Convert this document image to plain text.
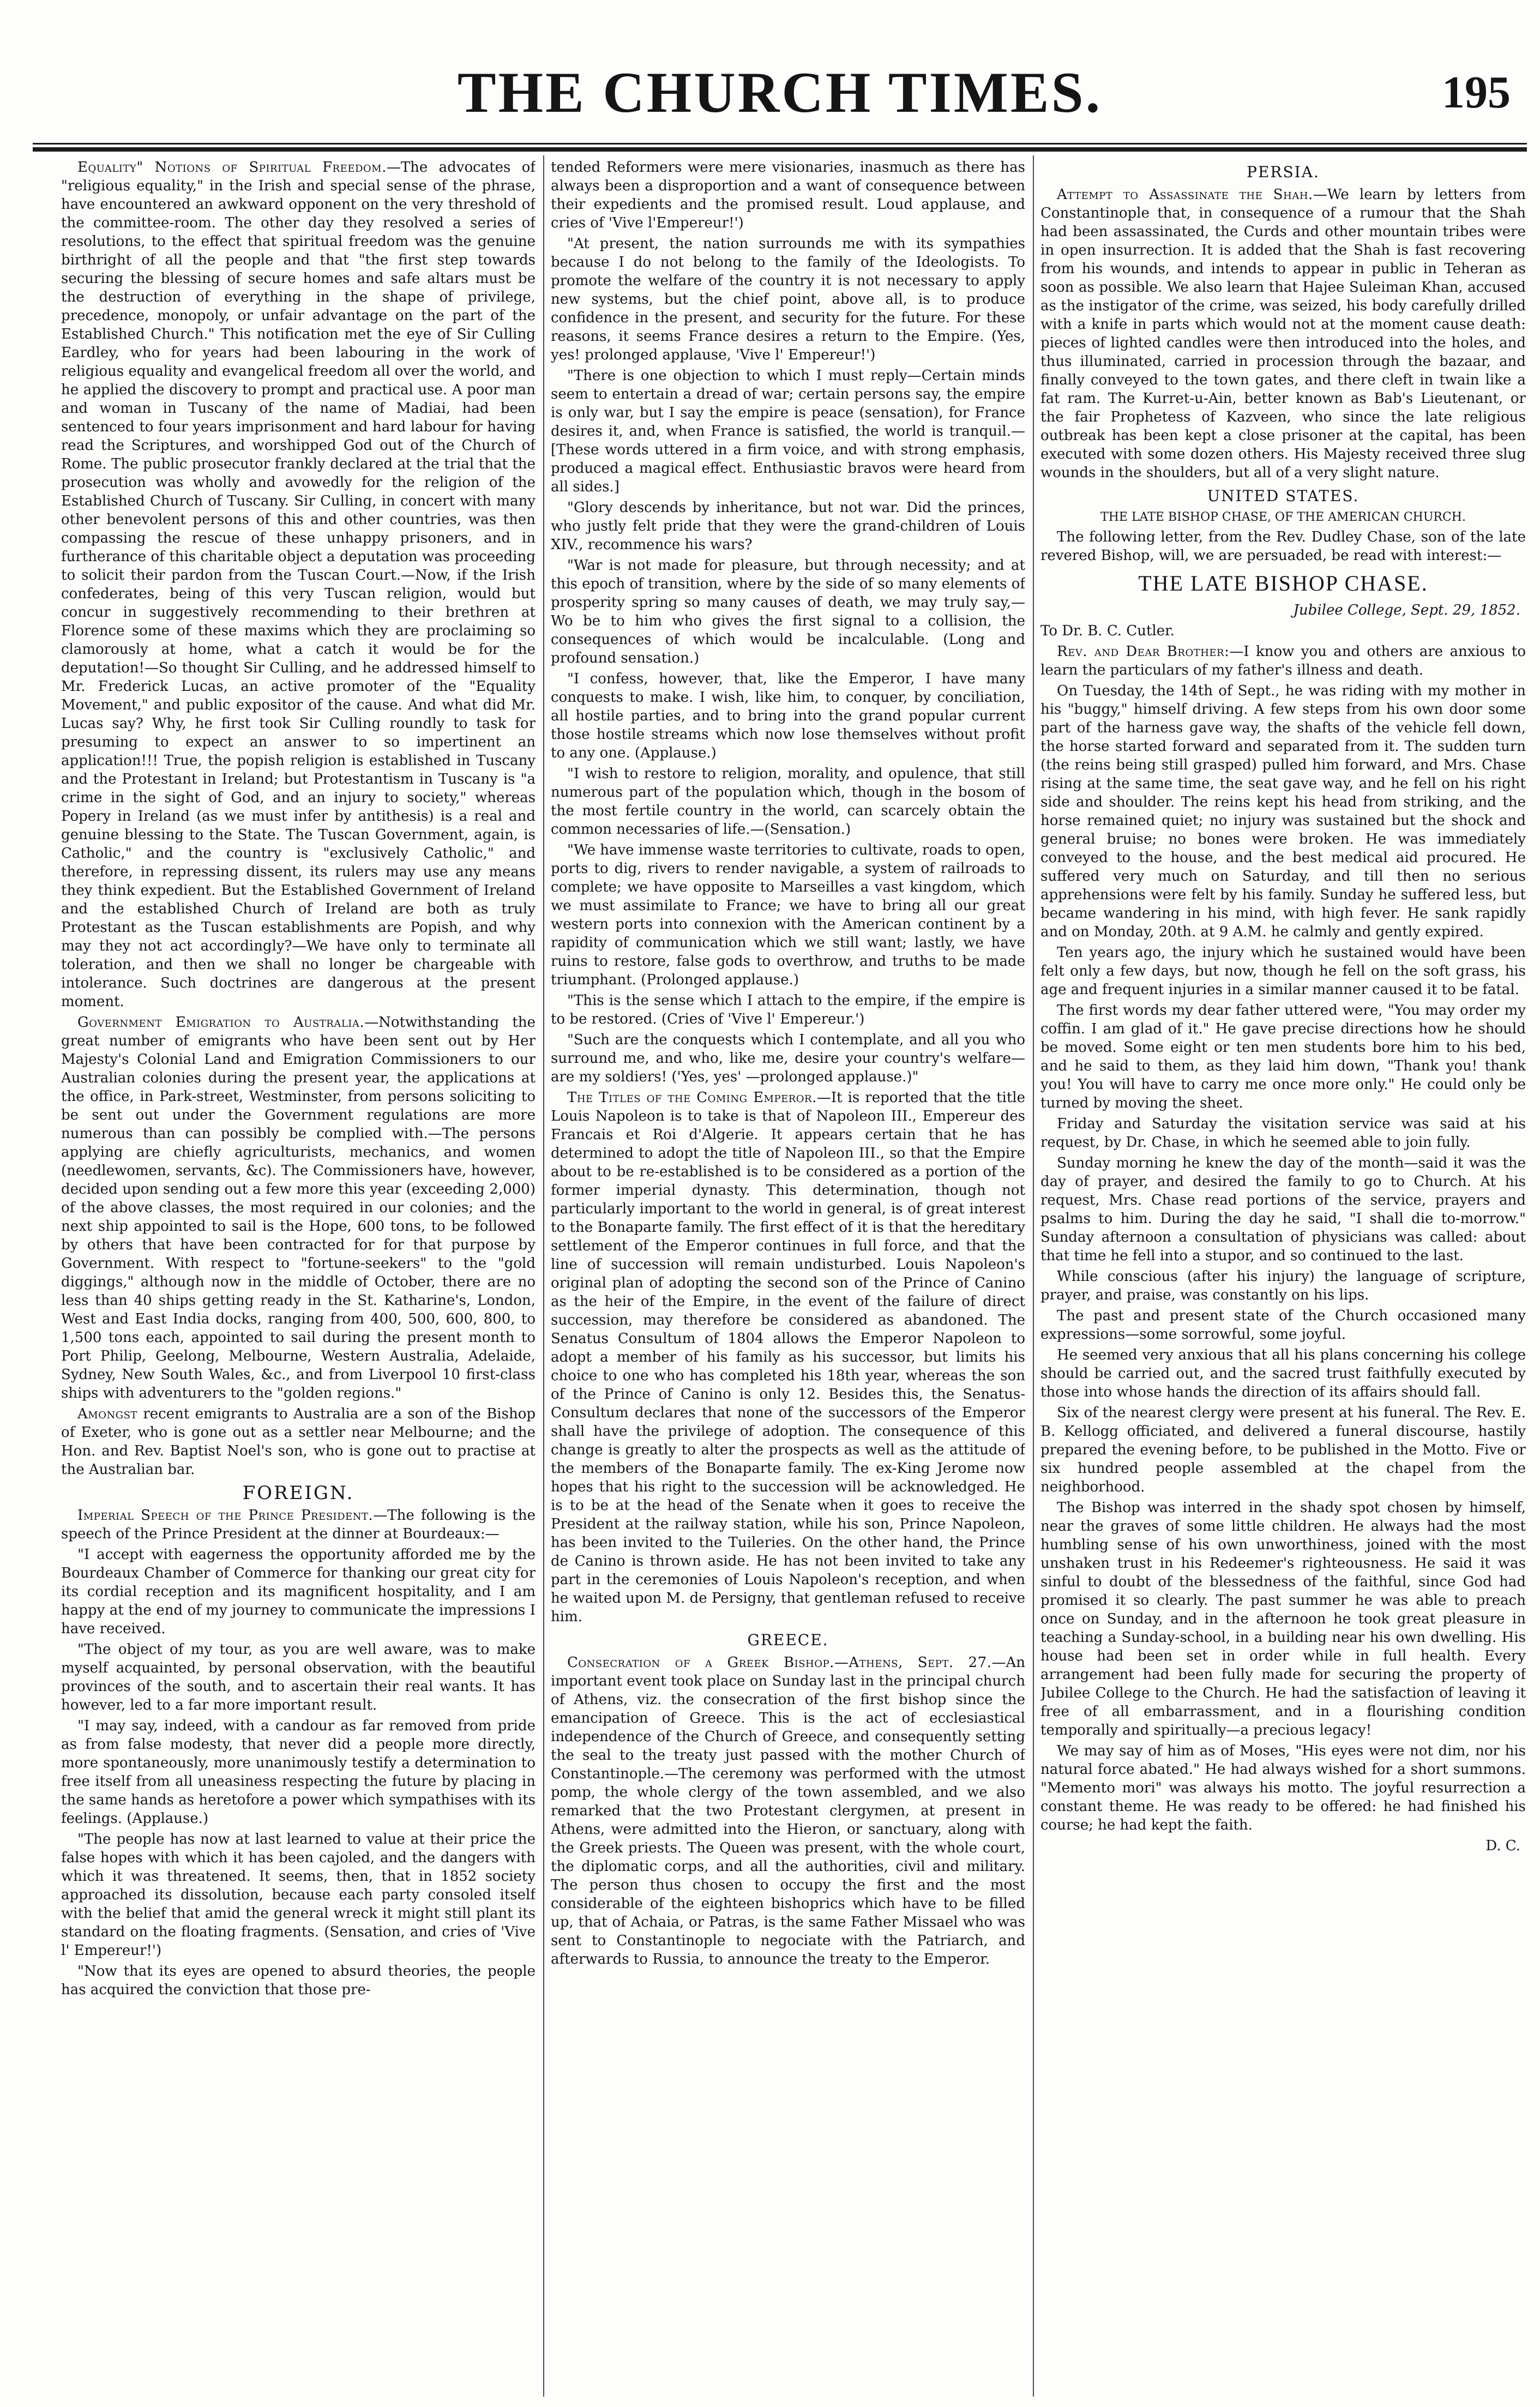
THE CHURCH TIMES.	195

Equality" Notions of Spiritual Freedom.—The advocates of "religious equality," in the Irish and special sense of the phrase, have encountered an awkward opponent on the very threshold of the committee-room. The other day they resolved a series of resolutions, to the effect that spiritual freedom was the genuine birthright of all the people and that "the first step towards securing the blessing of secure homes and safe altars must be the destruction of everything in the shape of privilege, precedence, monopoly, or unfair advantage on the part of the Established Church." This notification met the eye of Sir Culling Eardley, who for years had been labouring in the work of religious equality and evangelical freedom all over the world, and he applied the discovery to prompt and practical use. A poor man and woman in Tuscany of the name of Madiai, had been sentenced to four years imprisonment and hard labour for having read the Scriptures, and worshipped God out of the Church of Rome. The public prosecutor frankly declared at the trial that the prosecution was wholly and avowedly for the religion of the Established Church of Tuscany. Sir Culling, in concert with many other benevolent persons of this and other countries, was then compassing the rescue of these unhappy prisoners, and in furtherance of this charitable object a deputation was proceeding to solicit their pardon from the Tuscan Court.—Now, if the Irish confederates, being of this very Tuscan religion, would but concur in suggestively recommending to their brethren at Florence some of these maxims which they are proclaiming so clamorously at home, what a catch it would be for the deputation!—So thought Sir Culling, and he addressed himself to Mr. Frederick Lucas, an active promoter of the "Equality Movement," and public expositor of the cause. And what did Mr. Lucas say? Why, he first took Sir Culling roundly to task for presuming to expect an answer to so impertinent an application!!! True, the popish religion is established in Tuscany and the Protestant in Ireland; but Protestantism in Tuscany is "a crime in the sight of God, and an injury to society," whereas Popery in Ireland (as we must infer by antithesis) is a real and genuine blessing to the State. The Tuscan Government, again, is Catholic," and the country is "exclusively Catholic," and therefore, in repressing dissent, its rulers may use any means they think expedient. But the Established Government of Ireland and the established Church of Ireland are both as truly Protestant as the Tuscan establishments are Popish, and why may they not act accordingly?—We have only to terminate all toleration, and then we shall no longer be chargeable with intolerance. Such doctrines are dangerous at the present moment.

Government Emigration to Australia.—Notwithstanding the great number of emigrants who have been sent out by Her Majesty's Colonial Land and Emigration Commissioners to our Australian colonies during the present year, the applications at the office, in Park-street, Westminster, from persons soliciting to be sent out under the Government regulations are more numerous than can possibly be complied with.—The persons applying are chiefly agriculturists, mechanics, and women (needlewomen, servants, &c). The Commissioners have, however, decided upon sending out a few more this year (exceeding 2,000) of the above classes, the most required in our colonies; and the next ship appointed to sail is the Hope, 600 tons, to be followed by others that have been contracted for for that purpose by Government. With respect to "fortune-seekers" to the "gold diggings," although now in the middle of October, there are no less than 40 ships getting ready in the St. Katharine's, London, West and East India docks, ranging from 400, 500, 600, 800, to 1,500 tons each, appointed to sail during the present month to Port Philip, Geelong, Melbourne, Western Australia, Adelaide, Sydney, New South Wales, &c., and from Liverpool 10 first-class ships with adventurers to the "golden regions."

Amongst recent emigrants to Australia are a son of the Bishop of Exeter, who is gone out as a settler near Melbourne; and the Hon. and Rev. Baptist Noel's son, who is gone out to practise at the Australian bar.

FOREIGN.

Imperial Speech of the Prince President.—The following is the speech of the Prince President at the dinner at Bourdeaux:—

"I accept with eagerness the opportunity afforded me by the Bourdeaux Chamber of Commerce for thanking our great city for its cordial reception and its magnificent hospitality, and I am happy at the end of my journey to communicate the impressions I have received.

"The object of my tour, as you are well aware, was to make myself acquainted, by personal observation, with the beautiful provinces of the south, and to ascertain their real wants. It has however, led to a far more important result.

"I may say, indeed, with a candour as far removed from pride as from false modesty, that never did a people more directly, more spontaneously, more unanimously testify a determination to free itself from all uneasiness respecting the future by placing in the same hands as heretofore a power which sympathises with its feelings. (Applause.)

"The people has now at last learned to value at their price the false hopes with which it has been cajoled, and the dangers with which it was threatened. It seems, then, that in 1852 society approached its dissolution, because each party consoled itself with the belief that amid the general wreck it might still plant its standard on the floating fragments. (Sensation, and cries of 'Vive l' Empereur!')

"Now that its eyes are opened to absurd theories, the people has acquired the conviction that those pre-

tended Reformers were mere visionaries, inasmuch as there has always been a disproportion and a want of consequence between their expedients and the promised result. Loud applause, and cries of 'Vive l'Empereur!')

"At present, the nation surrounds me with its sympathies because I do not belong to the family of the Ideologists. To promote the welfare of the country it is not necessary to apply new systems, but the chief point, above all, is to produce confidence in the present, and security for the future. For these reasons, it seems France desires a return to the Empire. (Yes, yes! prolonged applause, 'Vive l' Empereur!')

"There is one objection to which I must reply—Certain minds seem to entertain a dread of war; certain persons say, the empire is only war, but I say the empire is peace (sensation), for France desires it, and, when France is satisfied, the world is tranquil.—[These words uttered in a firm voice, and with strong emphasis, produced a magical effect. Enthusiastic bravos were heard from all sides.]

"Glory descends by inheritance, but not war. Did the princes, who justly felt pride that they were the grand-children of Louis XIV., recommence his wars?

"War is not made for pleasure, but through necessity; and at this epoch of transition, where by the side of so many elements of prosperity spring so many causes of death, we may truly say,—Wo be to him who gives the first signal to a collision, the consequences of which would be incalculable. (Long and profound sensation.)

"I confess, however, that, like the Emperor, I have many conquests to make. I wish, like him, to conquer, by conciliation, all hostile parties, and to bring into the grand popular current those hostile streams which now lose themselves without profit to any one. (Applause.)

"I wish to restore to religion, morality, and opulence, that still numerous part of the population which, though in the bosom of the most fertile country in the world, can scarcely obtain the common necessaries of life.—(Sensation.)

"We have immense waste territories to cultivate, roads to open, ports to dig, rivers to render navigable, a system of railroads to complete; we have opposite to Marseilles a vast kingdom, which we must assimilate to France; we have to bring all our great western ports into connexion with the American continent by a rapidity of communication which we still want; lastly, we have ruins to restore, false gods to overthrow, and truths to be made triumphant. (Prolonged applause.)

"This is the sense which I attach to the empire, if the empire is to be restored. (Cries of 'Vive l' Empereur.')

"Such are the conquests which I contemplate, and all you who surround me, and who, like me, desire your country's welfare—are my soldiers! ('Yes, yes' —prolonged applause.)"

The Titles of the Coming Emperor.—It is reported that the title Louis Napoleon is to take is that of Napoleon III., Empereur des Francais et Roi d'Algerie. It appears certain that he has determined to adopt the title of Napoleon III., so that the Empire about to be re-established is to be considered as a portion of the former imperial dynasty. This determination, though not particularly important to the world in general, is of great interest to the Bonaparte family. The first effect of it is that the hereditary settlement of the Emperor continues in full force, and that the line of succession will remain undisturbed. Louis Napoleon's original plan of adopting the second son of the Prince of Canino as the heir of the Empire, in the event of the failure of direct succession, may therefore be considered as abandoned. The Senatus Consultum of 1804 allows the Emperor Napoleon to adopt a member of his family as his successor, but limits his choice to one who has completed his 18th year, whereas the son of the Prince of Canino is only 12. Besides this, the Senatus-Consultum declares that none of the successors of the Emperor shall have the privilege of adoption. The consequence of this change is greatly to alter the prospects as well as the attitude of the members of the Bonaparte family. The ex-King Jerome now hopes that his right to the succession will be acknowledged. He is to be at the head of the Senate when it goes to receive the President at the railway station, while his son, Prince Napoleon, has been invited to the Tuileries. On the other hand, the Prince de Canino is thrown aside. He has not been invited to take any part in the ceremonies of Louis Napoleon's reception, and when he waited upon M. de Persigny, that gentleman refused to receive him.

GREECE.

Consecration of a Greek Bishop.—Athens, Sept. 27.—An important event took place on Sunday last in the principal church of Athens, viz. the consecration of the first bishop since the emancipation of Greece. This is the act of ecclesiastical independence of the Church of Greece, and consequently setting the seal to the treaty just passed with the mother Church of Constantinople.—The ceremony was performed with the utmost pomp, the whole clergy of the town assembled, and we also remarked that the two Protestant clergymen, at present in Athens, were admitted into the Hieron, or sanctuary, along with the Greek priests. The Queen was present, with the whole court, the diplomatic corps, and all the authorities, civil and military. The person thus chosen to occupy the first and the most considerable of the eighteen bishoprics which have to be filled up, that of Achaia, or Patras, is the same Father Missael who was sent to Constantinople to negociate with the Patriarch, and afterwards to Russia, to announce the treaty to the Emperor.

PERSIA.

Attempt to Assassinate the Shah.—We learn by letters from Constantinople that, in consequence of a rumour that the Shah had been assassinated, the Curds and other mountain tribes were in open insurrection. It is added that the Shah is fast recovering from his wounds, and intends to appear in public in Teheran as soon as possible. We also learn that Hajee Suleiman Khan, accused as the instigator of the crime, was seized, his body carefully drilled with a knife in parts which would not at the moment cause death: pieces of lighted candles were then introduced into the holes, and thus illuminated, carried in procession through the bazaar, and finally conveyed to the town gates, and there cleft in twain like a fat ram. The Kurret-u-Ain, better known as Bab's Lieutenant, or the fair Prophetess of Kazveen, who since the late religious outbreak has been kept a close prisoner at the capital, has been executed with some dozen others. His Majesty received three slug wounds in the shoulders, but all of a very slight nature.

UNITED STATES.
THE LATE BISHOP CHASE, OF THE AMERICAN CHURCH.

The following letter, from the Rev. Dudley Chase, son of the late revered Bishop, will, we are persuaded, be read with interest:—

THE LATE BISHOP CHASE.

Jubilee College, Sept. 29, 1852.

To Dr. B. C. Cutler.

Rev. and Dear Brother:—I know you and others are anxious to learn the particulars of my father's illness and death.

On Tuesday, the 14th of Sept., he was riding with my mother in his "buggy," himself driving. A few steps from his own door some part of the harness gave way, the shafts of the vehicle fell down, the horse started forward and separated from it. The sudden turn (the reins being still grasped) pulled him forward, and Mrs. Chase rising at the same time, the seat gave way, and he fell on his right side and shoulder. The reins kept his head from striking, and the horse remained quiet; no injury was sustained but the shock and general bruise; no bones were broken. He was immediately conveyed to the house, and the best medical aid procured. He suffered very much on Saturday, and till then no serious apprehensions were felt by his family. Sunday he suffered less, but became wandering in his mind, with high fever. He sank rapidly and on Monday, 20th. at 9 A.M. he calmly and gently expired.

Ten years ago, the injury which he sustained would have been felt only a few days, but now, though he fell on the soft grass, his age and frequent injuries in a similar manner caused it to be fatal.

The first words my dear father uttered were, "You may order my coffin. I am glad of it." He gave precise directions how he should be moved. Some eight or ten men students bore him to his bed, and he said to them, as they laid him down, "Thank you! thank you! You will have to carry me once more only." He could only be turned by moving the sheet.

Friday and Saturday the visitation service was said at his request, by Dr. Chase, in which he seemed able to join fully.

Sunday morning he knew the day of the month—said it was the day of prayer, and desired the family to go to Church. At his request, Mrs. Chase read portions of the service, prayers and psalms to him. During the day he said, "I shall die to-morrow." Sunday afternoon a consultation of physicians was called: about that time he fell into a stupor, and so continued to the last.

While conscious (after his injury) the language of scripture, prayer, and praise, was constantly on his lips.

The past and present state of the Church occasioned many expressions—some sorrowful, some joyful.

He seemed very anxious that all his plans concerning his college should be carried out, and the sacred trust faithfully executed by those into whose hands the direction of its affairs should fall.

Six of the nearest clergy were present at his funeral. The Rev. E. B. Kellogg officiated, and delivered a funeral discourse, hastily prepared the evening before, to be published in the Motto. Five or six hundred people assembled at the chapel from the neighborhood.

The Bishop was interred in the shady spot chosen by himself, near the graves of some little children. He always had the most humbling sense of his own unworthiness, joined with the most unshaken trust in his Redeemer's righteousness. He said it was sinful to doubt of the blessedness of the faithful, since God had promised it so clearly. The past summer he was able to preach once on Sunday, and in the afternoon he took great pleasure in teaching a Sunday-school, in a building near his own dwelling. His house had been set in order while in full health. Every arrangement had been fully made for securing the property of Jubilee College to the Church. He had the satisfaction of leaving it free of all embarrassment, and in a flourishing condition temporally and spiritually—a precious legacy!

We may say of him as of Moses, "His eyes were not dim, nor his natural force abated." He had always wished for a short summons. "Memento mori" was always his motto. The joyful resurrection a constant theme. He was ready to be offered: he had finished his course; he had kept the faith.

D. C.
